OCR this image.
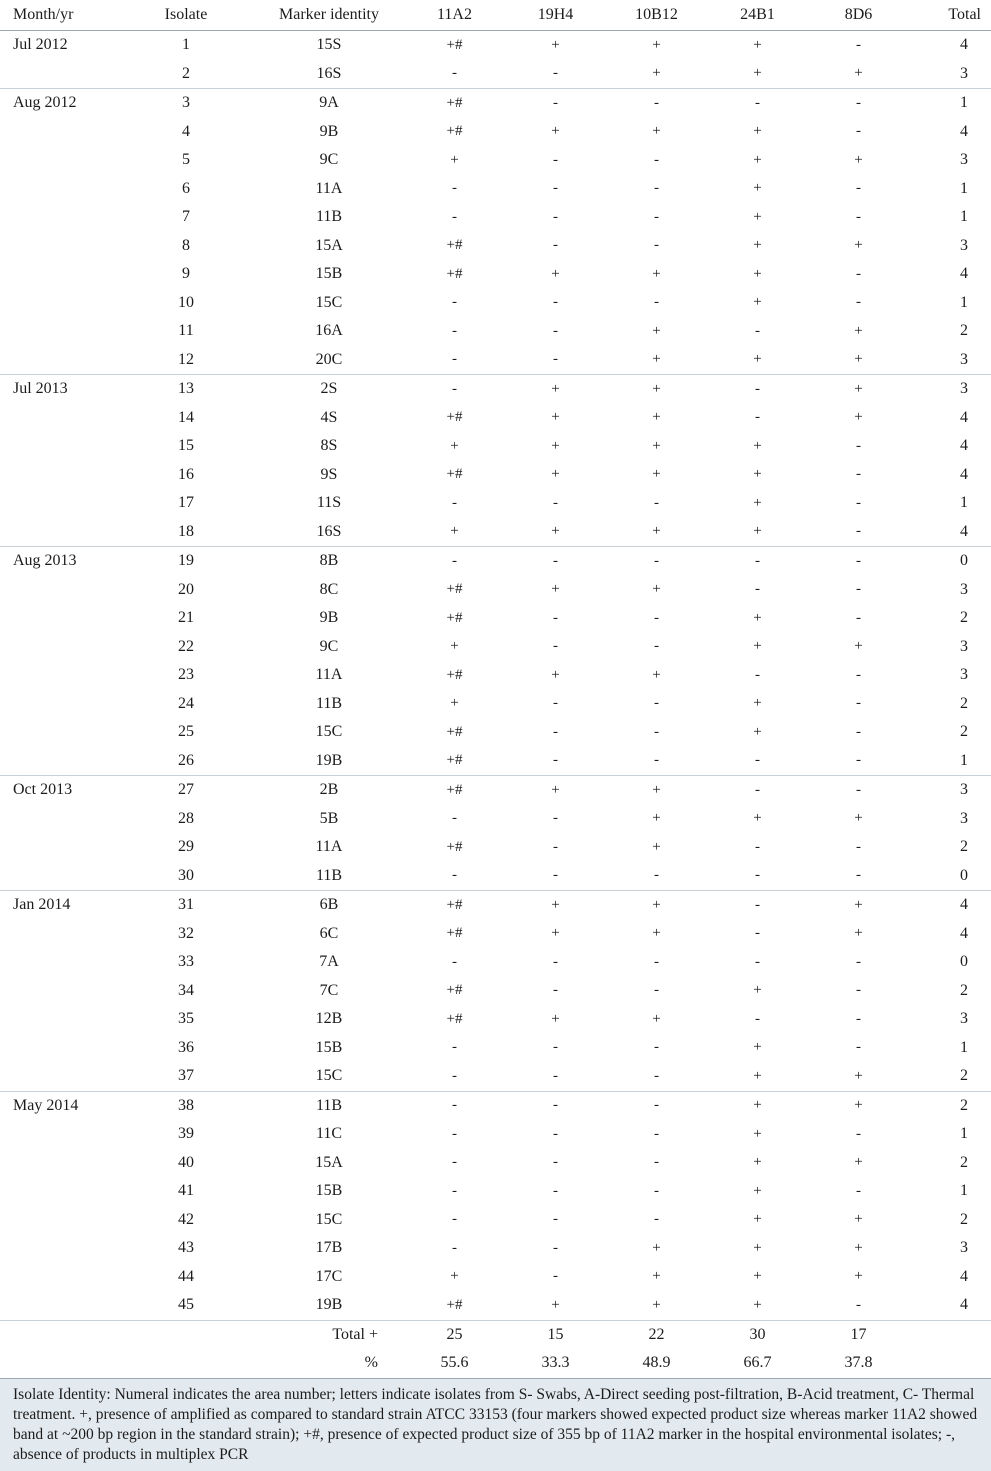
Month/yr	Isolate	Marker identity	11A2	19H4	10B12	24B1	8D6	Total
Jul 2012	1	15S	+#	+	+	+	-	4
	2	16S	-	-	+	+	+	3
Aug 2012	3	9A	+#	-	-	-	-	1
	4	9B	+#	+	+	+	-	4
	5	9C	+	-	-	+	+	3
	6	11A	-	-	-	+	-	1
	7	11B	-	-	-	+	-	1
	8	15A	+#	-	-	+	+	3
	9	15B	+#	+	+	+	-	4
	10	15C	-	-	-	+	-	1
	11	16A	-	-	+	-	+	2
	12	20C	-	-	+	+	+	3
Jul 2013	13	2S	-	+	+	-	+	3
	14	4S	+#	+	+	-	+	4
	15	8S	+	+	+	+	-	4
	16	9S	+#	+	+	+	-	4
	17	11S	-	-	-	+	-	1
	18	16S	+	+	+	+	-	4
Aug 2013	19	8B	-	-	-	-	-	0
	20	8C	+#	+	+	-	-	3
	21	9B	+#	-	-	+	-	2
	22	9C	+	-	-	+	+	3
	23	11A	+#	+	+	-	-	3
	24	11B	+	-	-	+	-	2
	25	15C	+#	-	-	+	-	2
	26	19B	+#	-	-	-	-	1
Oct 2013	27	2B	+#	+	+	-	-	3
	28	5B	-	-	+	+	+	3
	29	11A	+#	-	+	-	-	2
	30	11B	-	-	-	-	-	0
Jan 2014	31	6B	+#	+	+	-	+	4
	32	6C	+#	+	+	-	+	4
	33	7A	-	-	-	-	-	0
	34	7C	+#	-	-	+	-	2
	35	12B	+#	+	+	-	-	3
	36	15B	-	-	-	+	-	1
	37	15C	-	-	-	+	+	2
May 2014	38	11B	-	-	-	+	+	2
	39	11C	-	-	-	+	-	1
	40	15A	-	-	-	+	+	2
	41	15B	-	-	-	+	-	1
	42	15C	-	-	-	+	+	2
	43	17B	-	-	+	+	+	3
	44	17C	+	-	+	+	+	4
	45	19B	+#	+	+	+	-	4
		Total +	25	15	22	30	17	
		%	55.6	33.3	48.9	66.7	37.8	
Isolate Identity: Numeral indicates the area number; letters indicate isolates from S- Swabs, A-Direct seeding post-filtration, B-Acid treatment, C- Thermal treatment. +, presence of amplified as compared to standard strain ATCC 33153 (four markers showed expected product size whereas marker 11A2 showed band at ~200 bp region in the standard strain); +#, presence of expected product size of 355 bp of 11A2 marker in the hospital environmental isolates; -, absence of products in multiplex PCR
